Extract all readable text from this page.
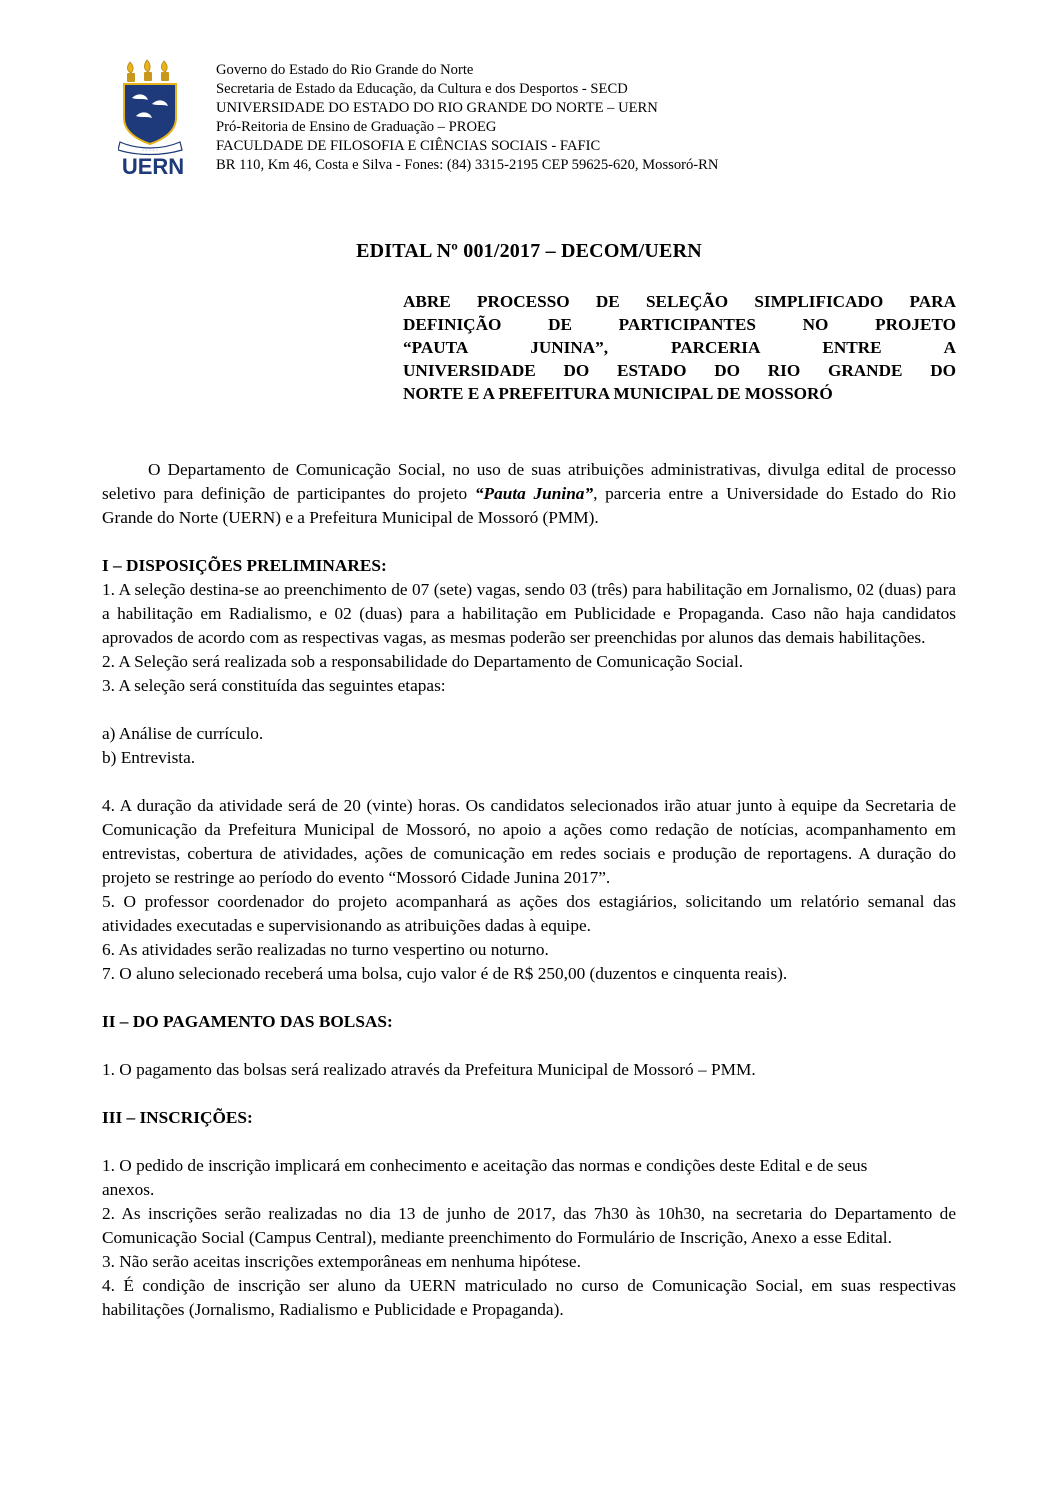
· · · · ·
UERN
Governo do Estado do Rio Grande do Norte
Secretaria de Estado da Educação, da Cultura e dos Desportos - SECD
UNIVERSIDADE DO ESTADO DO RIO GRANDE DO NORTE – UERN
Pró-Reitoria de Ensino de Graduação – PROEG
FACULDADE DE FILOSOFIA E CIÊNCIAS SOCIAIS - FAFIC
BR 110, Km 46, Costa e Silva - Fones: (84) 3315-2195 CEP 59625-620, Mossoró-RN
EDITAL Nº 001/2017 – DECOM/UERN
ABRE PROCESSO DE SELEÇÃO SIMPLIFICADO PARA
DEFINIÇÃO DE PARTICIPANTES NO PROJETO
“PAUTA JUNINA”, PARCERIA ENTRE A
UNIVERSIDADE DO ESTADO DO RIO GRANDE DO
NORTE E A PREFEITURA MUNICIPAL DE MOSSORÓ

O Departamento de Comunicação Social, no uso de suas atribuições administrativas, divulga edital de processo seletivo para definição de participantes do projeto “Pauta Junina”, parceria entre a Universidade do Estado do Rio Grande do Norte (UERN) e a Prefeitura Municipal de Mossoró (PMM).

I – DISPOSIÇÕES PRELIMINARES:

1. A seleção destina-se ao preenchimento de 07 (sete) vagas, sendo 03 (três) para habilitação em Jornalismo, 02 (duas) para a habilitação em Radialismo, e 02 (duas) para a habilitação em Publicidade e Propaganda. Caso não haja candidatos aprovados de acordo com as respectivas vagas, as mesmas poderão ser preenchidas por alunos das demais habilitações.

2. A Seleção será realizada sob a responsabilidade do Departamento de Comunicação Social.

3. A seleção será constituída das seguintes etapas:

a) Análise de currículo.

b) Entrevista.

4. A duração da atividade será de 20 (vinte) horas. Os candidatos selecionados irão atuar junto à equipe da Secretaria de Comunicação da Prefeitura Municipal de Mossoró, no apoio a ações como redação de notícias, acompanhamento em entrevistas, cobertura de atividades, ações de comunicação em redes sociais e produção de reportagens. A duração do projeto se restringe ao período do evento “Mossoró Cidade Junina 2017”.

5. O professor coordenador do projeto acompanhará as ações dos estagiários, solicitando um relatório semanal das atividades executadas e supervisionando as atribuições dadas à equipe.

6. As atividades serão realizadas no turno vespertino ou noturno.

7. O aluno selecionado receberá uma bolsa, cujo valor é de R$ 250,00 (duzentos e cinquenta reais).

II – DO PAGAMENTO DAS BOLSAS:

1. O pagamento das bolsas será realizado através da Prefeitura Municipal de Mossoró – PMM.

III – INSCRIÇÕES:

1. O pedido de inscrição implicará em conhecimento e aceitação das normas e condições deste Edital e de seus anexos.

2. As inscrições serão realizadas no dia 13 de junho de 2017, das 7h30 às 10h30, na secretaria do Departamento de Comunicação Social (Campus Central), mediante preenchimento do Formulário de Inscrição, Anexo a esse Edital.

3. Não serão aceitas inscrições extemporâneas em nenhuma hipótese.

4. É condição de inscrição ser aluno da UERN matriculado no curso de Comunicação Social, em suas respectivas habilitações (Jornalismo, Radialismo e Publicidade e Propaganda).
